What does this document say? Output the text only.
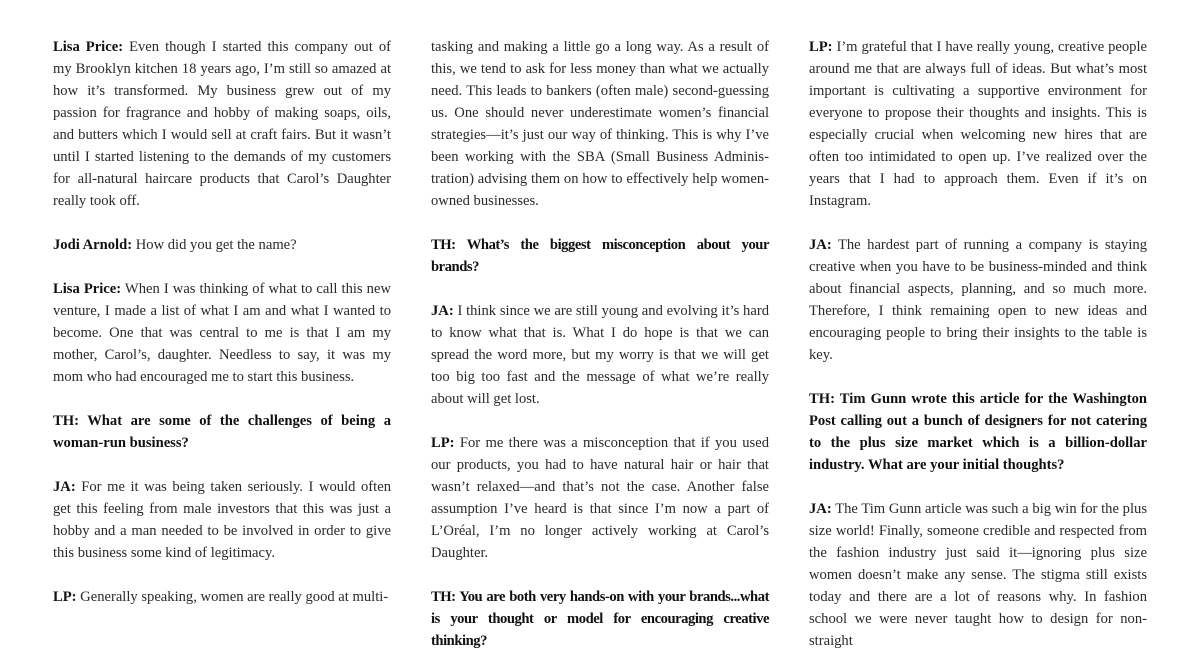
Lisa Price: Even though I started this company out of my Brooklyn kitchen 18 years ago, I’m still so amazed at how it’s transformed. My business grew out of my passion for fragrance and hobby of making soaps, oils, and butters which I would sell at craft fairs. But it wasn’t until I started listening to the demands of my customers for all-natural haircare products that Carol’s Daughter really took off.

Jodi Arnold: How did you get the name?

Lisa Price: When I was thinking of what to call this new venture, I made a list of what I am and what I wanted to become. One that was central to me is that I am my mother, Carol’s, daughter. Needless to say, it was my mom who had encouraged me to start this business.

TH: What are some of the challenges of being a woman-run business?

JA: For me it was being taken seriously. I would often get this feeling from male investors that this was just a hobby and a man needed to be involved in order to give this business some kind of legitimacy.

LP: Generally speaking, women are really good at multi-

tasking and making a little go a long way. As a result of this, we tend to ask for less money than what we actually need. This leads to bankers (often male) second-guessing us. One should never underestimate women’s financial strategies—it’s just our way of thinking. This is why I’ve been working with the SBA (Small Business Administration) advising them on how to effectively help women-owned businesses.

TH: What’s the biggest misconception about your brands?

JA: I think since we are still young and evolving it’s hard to know what that is. What I do hope is that we can spread the word more, but my worry is that we will get too big too fast and the message of what we’re really about will get lost.

LP: For me there was a misconception that if you used our products, you had to have natural hair or hair that wasn’t relaxed—and that’s not the case. Another false assumption I’ve heard is that since I’m now a part of L’Oréal, I’m no longer actively working at Carol’s Daughter.

TH: You are both very hands-on with your brands...what is your thought or model for encouraging creative thinking?

LP: I’m grateful that I have really young, creative people around me that are always full of ideas. But what’s most important is cultivating a supportive environment for everyone to propose their thoughts and insights. This is especially crucial when welcoming new hires that are often too intimidated to open up. I’ve realized over the years that I had to approach them. Even if it’s on Instagram.

JA: The hardest part of running a company is staying creative when you have to be business-minded and think about financial aspects, planning, and so much more. Therefore, I think remaining open to new ideas and encouraging people to bring their insights to the table is key.

TH: Tim Gunn wrote this article for the Washington Post calling out a bunch of designers for not catering to the plus size market which is a billion-dollar industry. What are your initial thoughts?

JA: The Tim Gunn article was such a big win for the plus size world! Finally, someone credible and respected from the fashion industry just said it—ignoring plus size women doesn’t make any sense. The stigma still exists today and there are a lot of reasons why. In fashion school we were never taught how to design for non-straight
